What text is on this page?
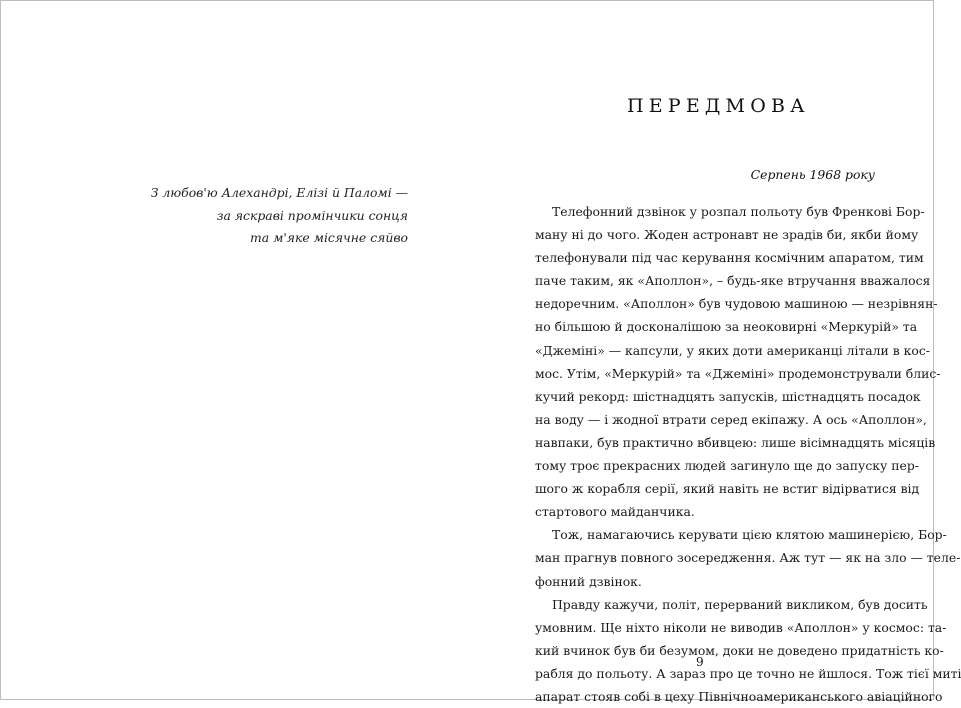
З любов'ю Алехандрі, Елізі й Паломі —
за яскраві промінчики сонця
та м'яке місячне сяйво
ПЕРЕДМОВА
Серпень 1968 року
Телефонний дзвінок у розпал польоту був Френкові Бор-
ману ні до чого. Жоден астронавт не зрадів би, якби йому
телефонували під час керування космічним апаратом, тим
паче таким, як «Аполлон», – будь-яке втручання вважалося
недоречним. «Аполлон» був чудовою машиною — незрівнян-
но більшою й досконалішою за неоковирні «Меркурій» та
«Джеміні» — капсули, у яких доти американці літали в кос-
мос. Утім, «Меркурій» та «Джеміні» продемонстрували блис-
кучий рекорд: шістнадцять запусків, шістнадцять посадок
на воду — і жодної втрати серед екіпажу. А ось «Аполлон»,
навпаки, був практично вбивцею: лише вісімнадцять місяців
тому троє прекрасних людей загинуло ще до запуску пер-
шого ж корабля серії, який навіть не встиг відірватися від
стартового майданчика.
Тож, намагаючись керувати цією клятою машинерією, Бор-
ман прагнув повного зосередження. Аж тут — як на зло — теле-
фонний дзвінок.
Правду кажучи, політ, перерваний викликом, був досить
умовним. Ще ніхто ніколи не виводив «Аполлон» у космос: та-
кий вчинок був би безумом, доки не доведено придатність ко-
рабля до польоту. А зараз про це точно не йшлося. Тож тієї миті
апарат стояв собі в цеху Північноамериканського авіаційного
9
